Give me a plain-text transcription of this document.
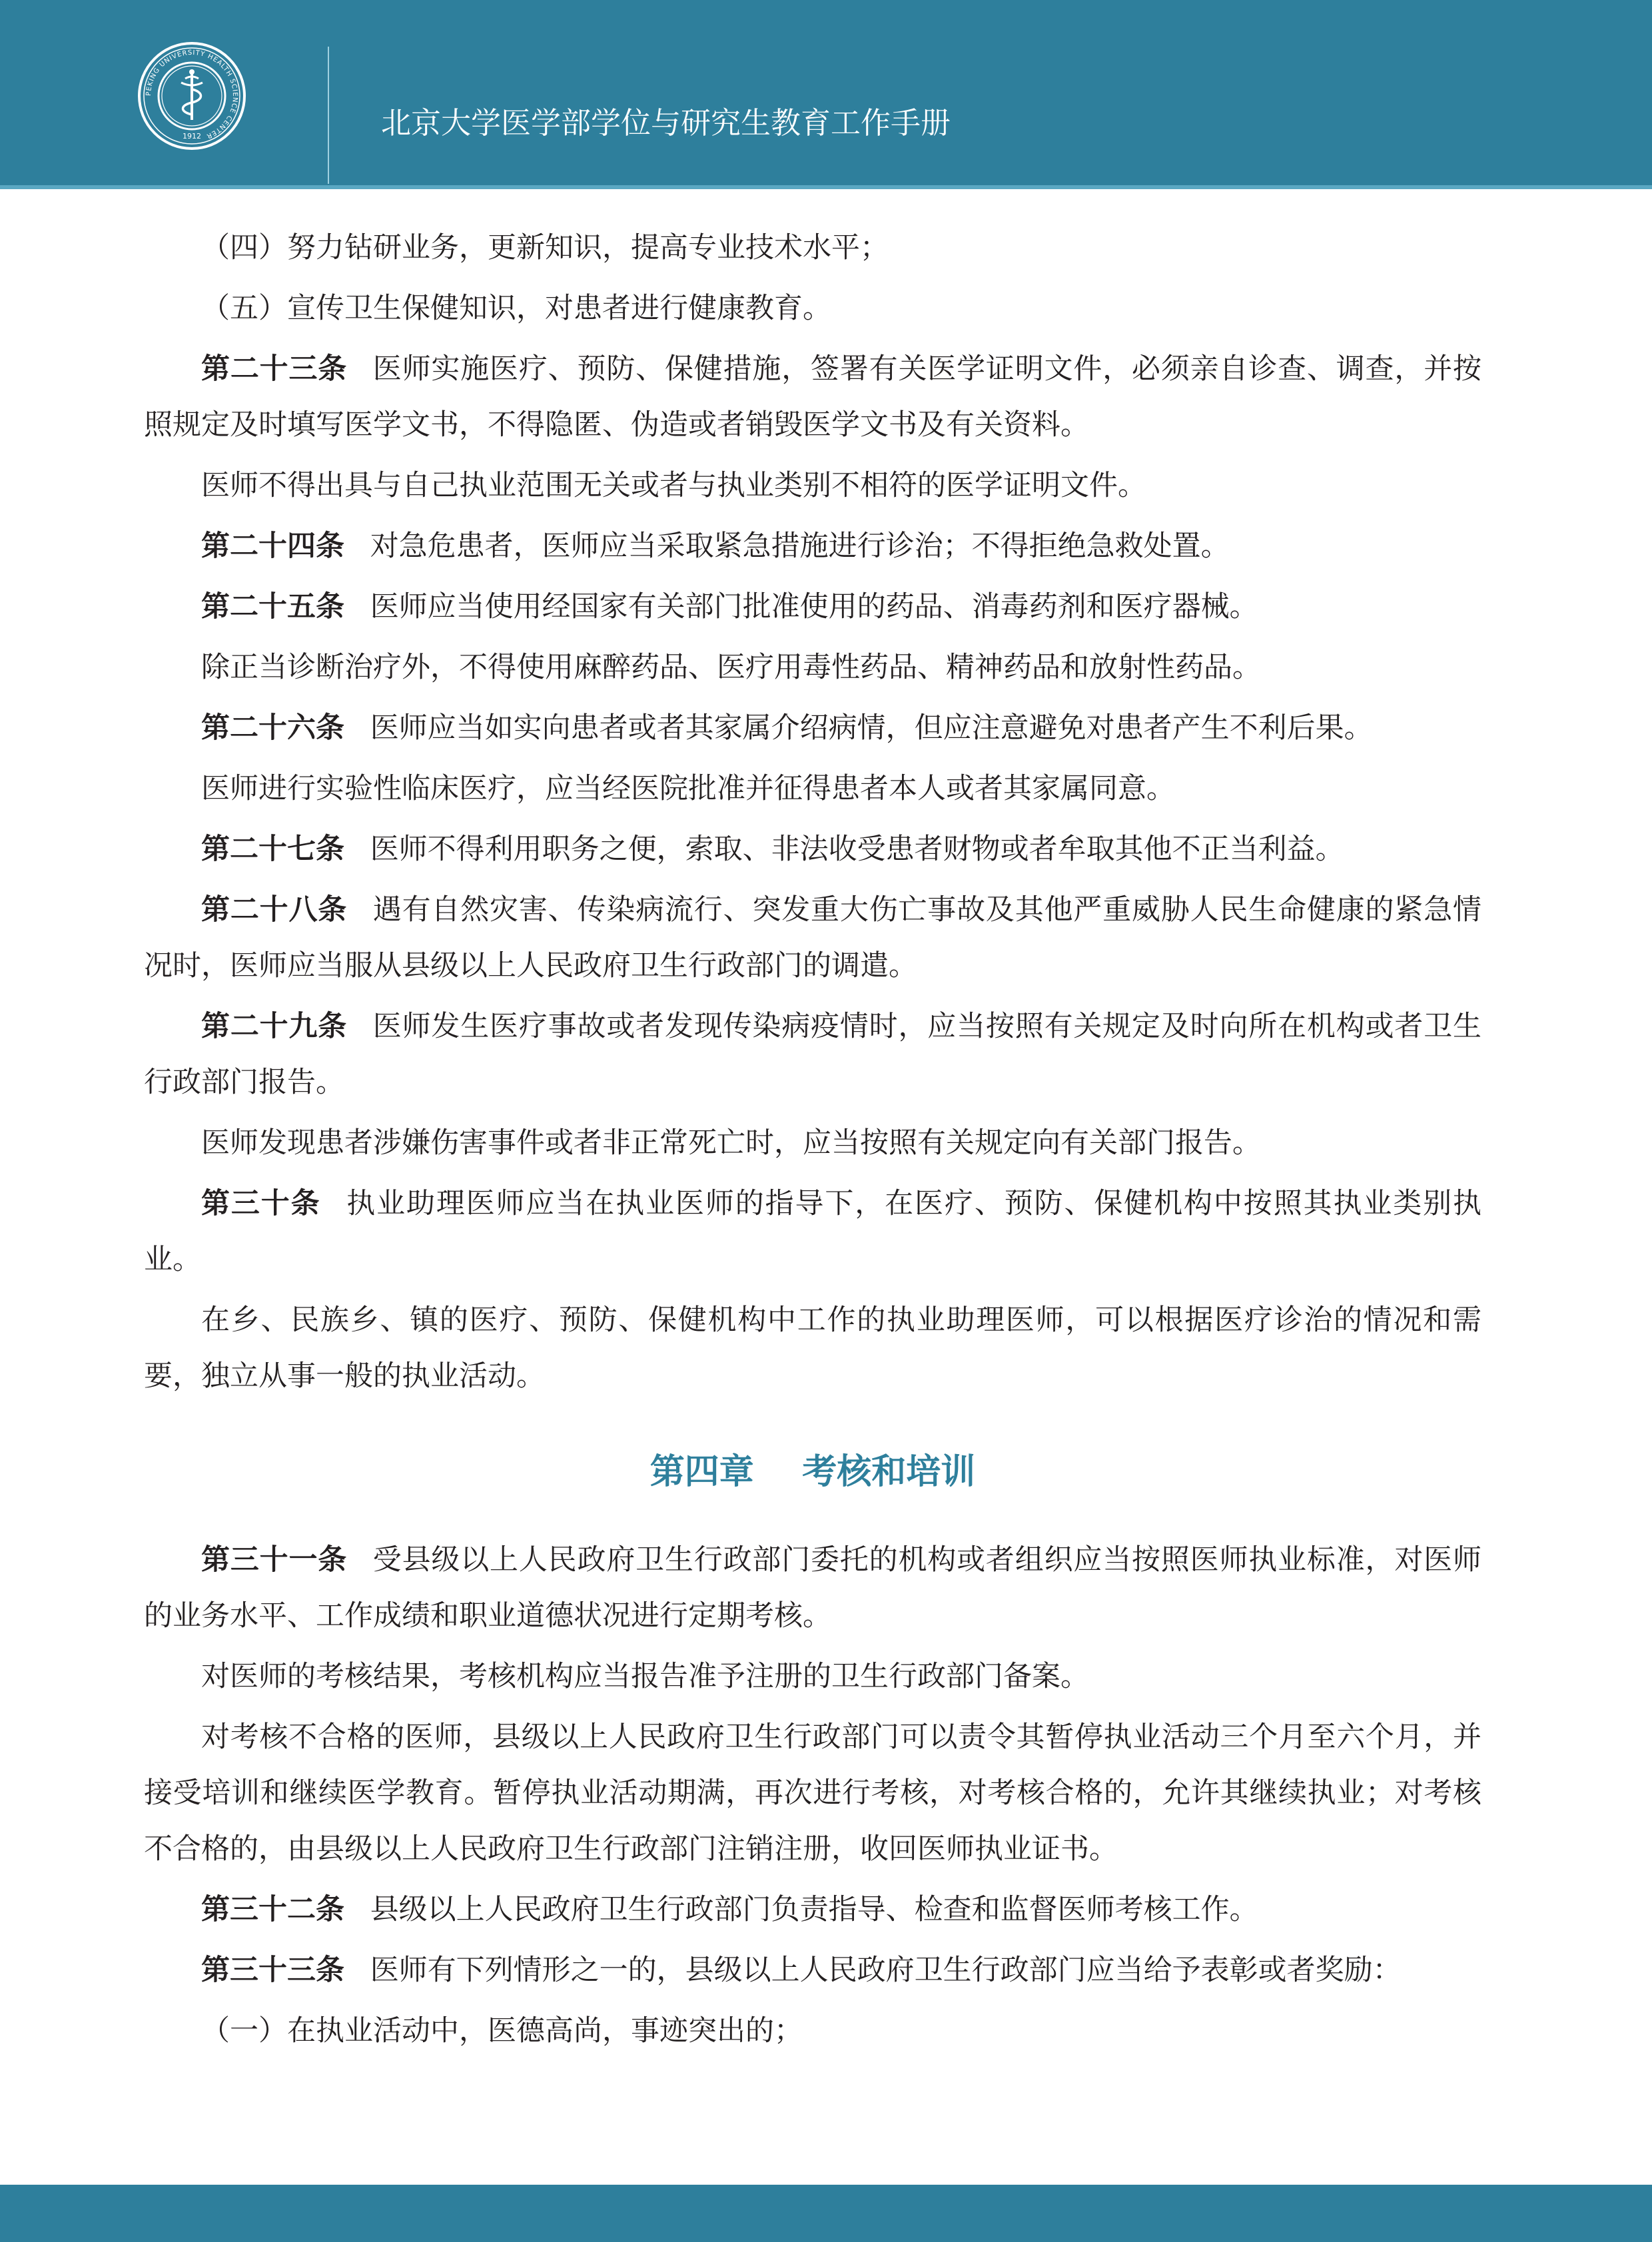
PEKING UNIVERSITY HEALTH SCIENCE CENTER
1912	北京大学医学部学位与研究生教育工作手册

（四）努力钻研业务，更新知识，提高专业技术水平；

（五）宣传卫生保健知识，对患者进行健康教育。

第二十三条 医师实施医疗、预防、保健措施，签署有关医学证明文件，必须亲自诊查、调查，并按照规定及时填写医学文书，不得隐匿、伪造或者销毁医学文书及有关资料。

医师不得出具与自己执业范围无关或者与执业类别不相符的医学证明文件。

第二十四条 对急危患者，医师应当采取紧急措施进行诊治；不得拒绝急救处置。

第二十五条 医师应当使用经国家有关部门批准使用的药品、消毒药剂和医疗器械。

除正当诊断治疗外，不得使用麻醉药品、医疗用毒性药品、精神药品和放射性药品。

第二十六条 医师应当如实向患者或者其家属介绍病情，但应注意避免对患者产生不利后果。

医师进行实验性临床医疗，应当经医院批准并征得患者本人或者其家属同意。

第二十七条 医师不得利用职务之便，索取、非法收受患者财物或者牟取其他不正当利益。

第二十八条 遇有自然灾害、传染病流行、突发重大伤亡事故及其他严重威胁人民生命健康的紧急情况时，医师应当服从县级以上人民政府卫生行政部门的调遣。

第二十九条 医师发生医疗事故或者发现传染病疫情时，应当按照有关规定及时向所在机构或者卫生行政部门报告。

医师发现患者涉嫌伤害事件或者非正常死亡时，应当按照有关规定向有关部门报告。

第三十条 执业助理医师应当在执业医师的指导下，在医疗、预防、保健机构中按照其执业类别执业。

在乡、民族乡、镇的医疗、预防、保健机构中工作的执业助理医师，可以根据医疗诊治的情况和需要，独立从事一般的执业活动。

第四章 考核和培训

第三十一条 受县级以上人民政府卫生行政部门委托的机构或者组织应当按照医师执业标准，对医师的业务水平、工作成绩和职业道德状况进行定期考核。

对医师的考核结果，考核机构应当报告准予注册的卫生行政部门备案。

对考核不合格的医师，县级以上人民政府卫生行政部门可以责令其暂停执业活动三个月至六个月，并接受培训和继续医学教育。暂停执业活动期满，再次进行考核，对考核合格的，允许其继续执业；对考核不合格的，由县级以上人民政府卫生行政部门注销注册，收回医师执业证书。

第三十二条 县级以上人民政府卫生行政部门负责指导、检查和监督医师考核工作。

第三十三条 医师有下列情形之一的，县级以上人民政府卫生行政部门应当给予表彰或者奖励：

（一）在执业活动中，医德高尚，事迹突出的；
